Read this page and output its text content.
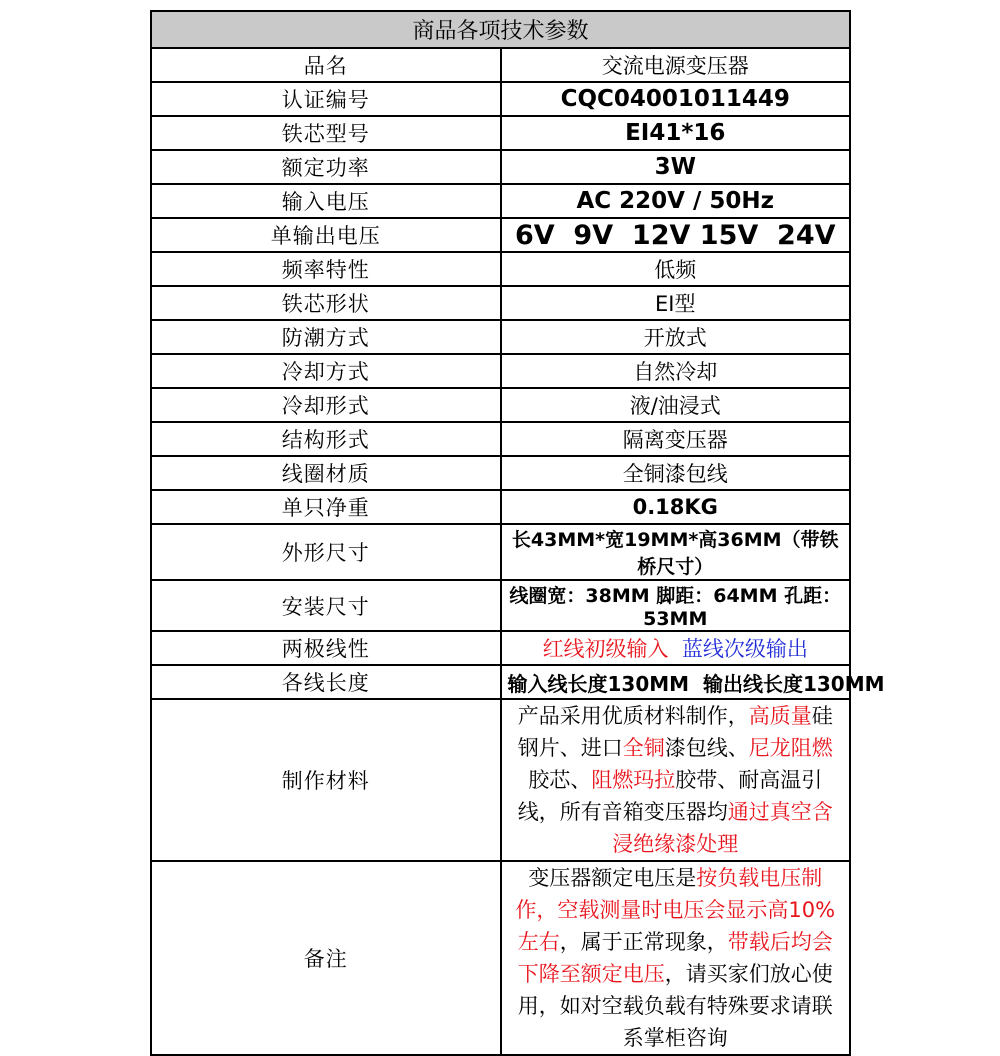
商品各项技术参数	
品名	交流电源变压器
认证编号	CQC04001011449
铁芯型号	EI41*16
额定功率	3W
输入电压	AC 220V / 50Hz
单输出电压	6V  9V  12V 15V  24V
频率特性	低频
铁芯形状	EI型
防潮方式	开放式
冷却方式	自然冷却
冷却形式	液/油浸式
结构形式	隔离变压器
线圈材质	全铜漆包线
单只净重	0.18KG
外形尺寸	长43MM*宽19MM*高36MM（带铁桥尺寸）
安装尺寸	线圈宽：38MM 脚距：64MM 孔距：53MM
两极线性	红线初级输入 蓝线次级输出
各线长度	输入线长度130MM  输出线长度130MM
制作材料	产品采用优质材料制作，高质量硅钢片、进口全铜漆包线、尼龙阻燃胶芯、阻燃玛拉胶带、耐高温引线，所有音箱变压器均通过真空含浸绝缘漆处理
备注	变压器额定电压是按负载电压制作，空载测量时电压会显示高10%左右，属于正常现象，带载后均会下降至额定电压，请买家们放心使用，如对空载负载有特殊要求请联系掌柜咨询
